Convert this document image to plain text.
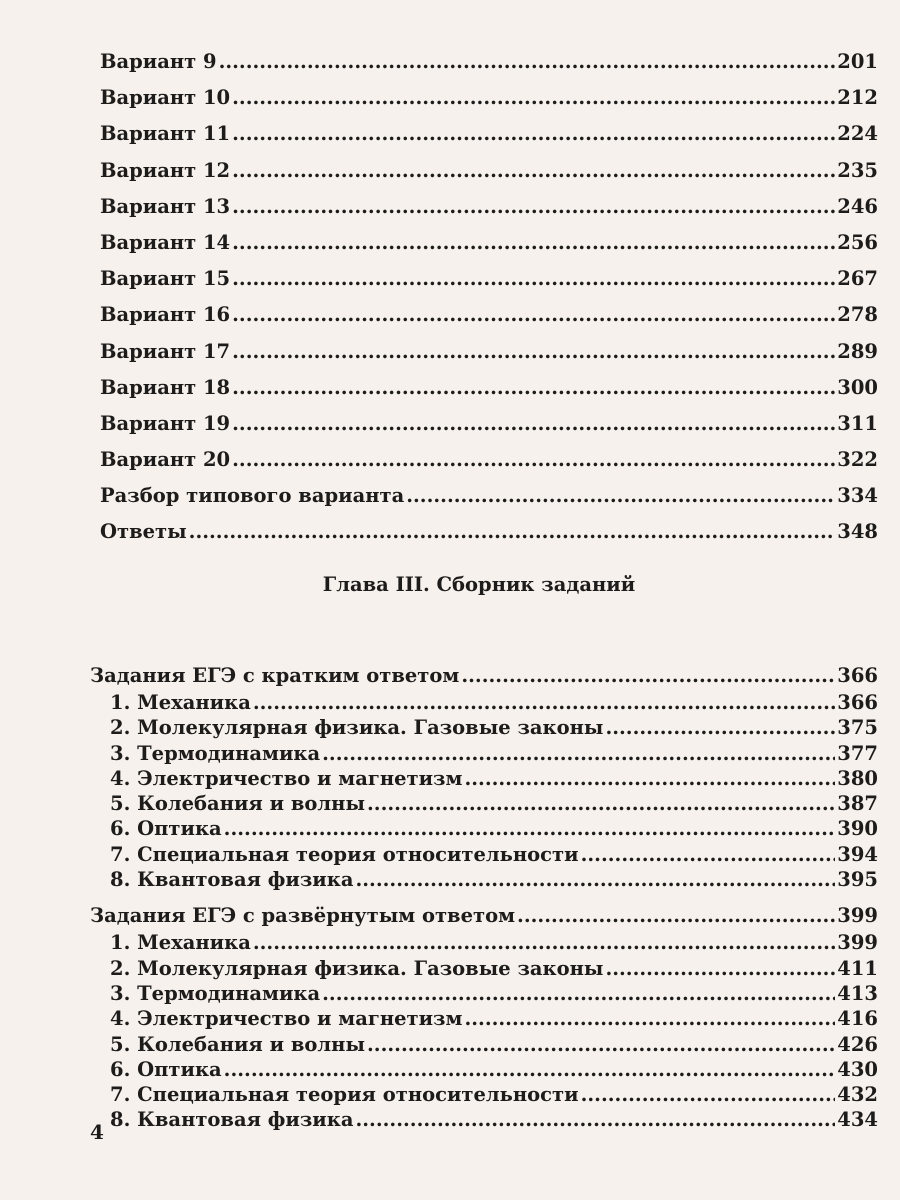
Вариант 9 .....	201
Вариант 10 .....	212
Вариант 11 .....	224
Вариант 12 .....	235
Вариант 13 .....	246
Вариант 14 .....	256
Вариант 15 .....	267
Вариант 16 .....	278
Вариант 17 .....	289
Вариант 18 .....	300
Вариант 19 .....	311
Вариант 20 .....	322
Разбор типового варианта .....	334
Ответы .....	348
Глава III. Сборник заданий
Задания ЕГЭ с кратким ответом .....	366
1. Механика .....	366
2. Молекулярная физика. Газовые законы .....	375
3. Термодинамика .....	377
4. Электричество и магнетизм .....	380
5. Колебания и волны .....	387
6. Оптика .....	390
7. Специальная теория относительности .....	394
8. Квантовая физика .....	395
Задания ЕГЭ с развёрнутым ответом .....	399
1. Механика .....	399
2. Молекулярная физика. Газовые законы .....	411
3. Термодинамика .....	413
4. Электричество и магнетизм .....	416
5. Колебания и волны .....	426
6. Оптика .....	430
7. Специальная теория относительности .....	432
8. Квантовая физика .....	434
4
